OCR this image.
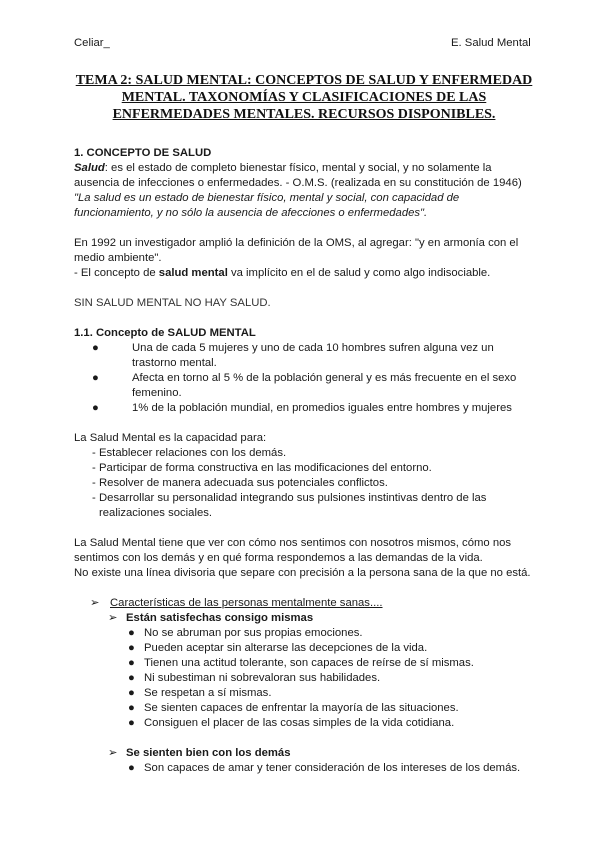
Celiar_	E. Salud Mental
TEMA 2: SALUD MENTAL: CONCEPTOS DE SALUD Y ENFERMEDAD MENTAL. TAXONOMÍAS Y CLASIFICACIONES DE LAS ENFERMEDADES MENTALES. RECURSOS DISPONIBLES.

1. CONCEPTO DE SALUD

Salud: es el estado de completo bienestar físico, mental y social, y no solamente la ausencia de infecciones o enfermedades. - O.M.S. (realizada en su constitución de 1946)

"La salud es un estado de bienestar físico, mental y social, con capacidad de funcionamiento, y no sólo la ausencia de afecciones o enfermedades".

En 1992 un investigador amplió la definición de la OMS, al agregar: "y en armonía con el medio ambiente".

- El concepto de salud mental va implícito en el de salud y como algo indisociable.

SIN SALUD MENTAL NO HAY SALUD.

1.1. Concepto de SALUD MENTAL

●	Una de cada 5 mujeres y uno de cada 10 hombres sufren alguna vez un trastorno mental.
●	Afecta en torno al 5 % de la población general y es más frecuente en el sexo femenino.
●	1% de la población mundial, en promedios iguales entre hombres y mujeres

La Salud Mental es la capacidad para:

- Establecer relaciones con los demás.
- Participar de forma constructiva en las modificaciones del entorno.
- Resolver de manera adecuada sus potenciales conflictos.
- Desarrollar su personalidad integrando sus pulsiones instintivas dentro de las realizaciones sociales.

La Salud Mental tiene que ver con cómo nos sentimos con nosotros mismos, cómo nos sentimos con los demás y en qué forma respondemos a las demandas de la vida.

No existe una línea divisoria que separe con precisión a la persona sana de la que no está.

➢ Características de las personas mentalmente sanas....
➢ Están satisfechas consigo mismas
● No se abruman por sus propias emociones.
● Pueden aceptar sin alterarse las decepciones de la vida.
● Tienen una actitud tolerante, son capaces de reírse de sí mismas.
● Ni subestiman ni sobrevaloran sus habilidades.
● Se respetan a sí mismas.
● Se sienten capaces de enfrentar la mayoría de las situaciones.
● Consiguen el placer de las cosas simples de la vida cotidiana.
➢ Se sienten bien con los demás
● Son capaces de amar y tener consideración de los intereses de los demás.
